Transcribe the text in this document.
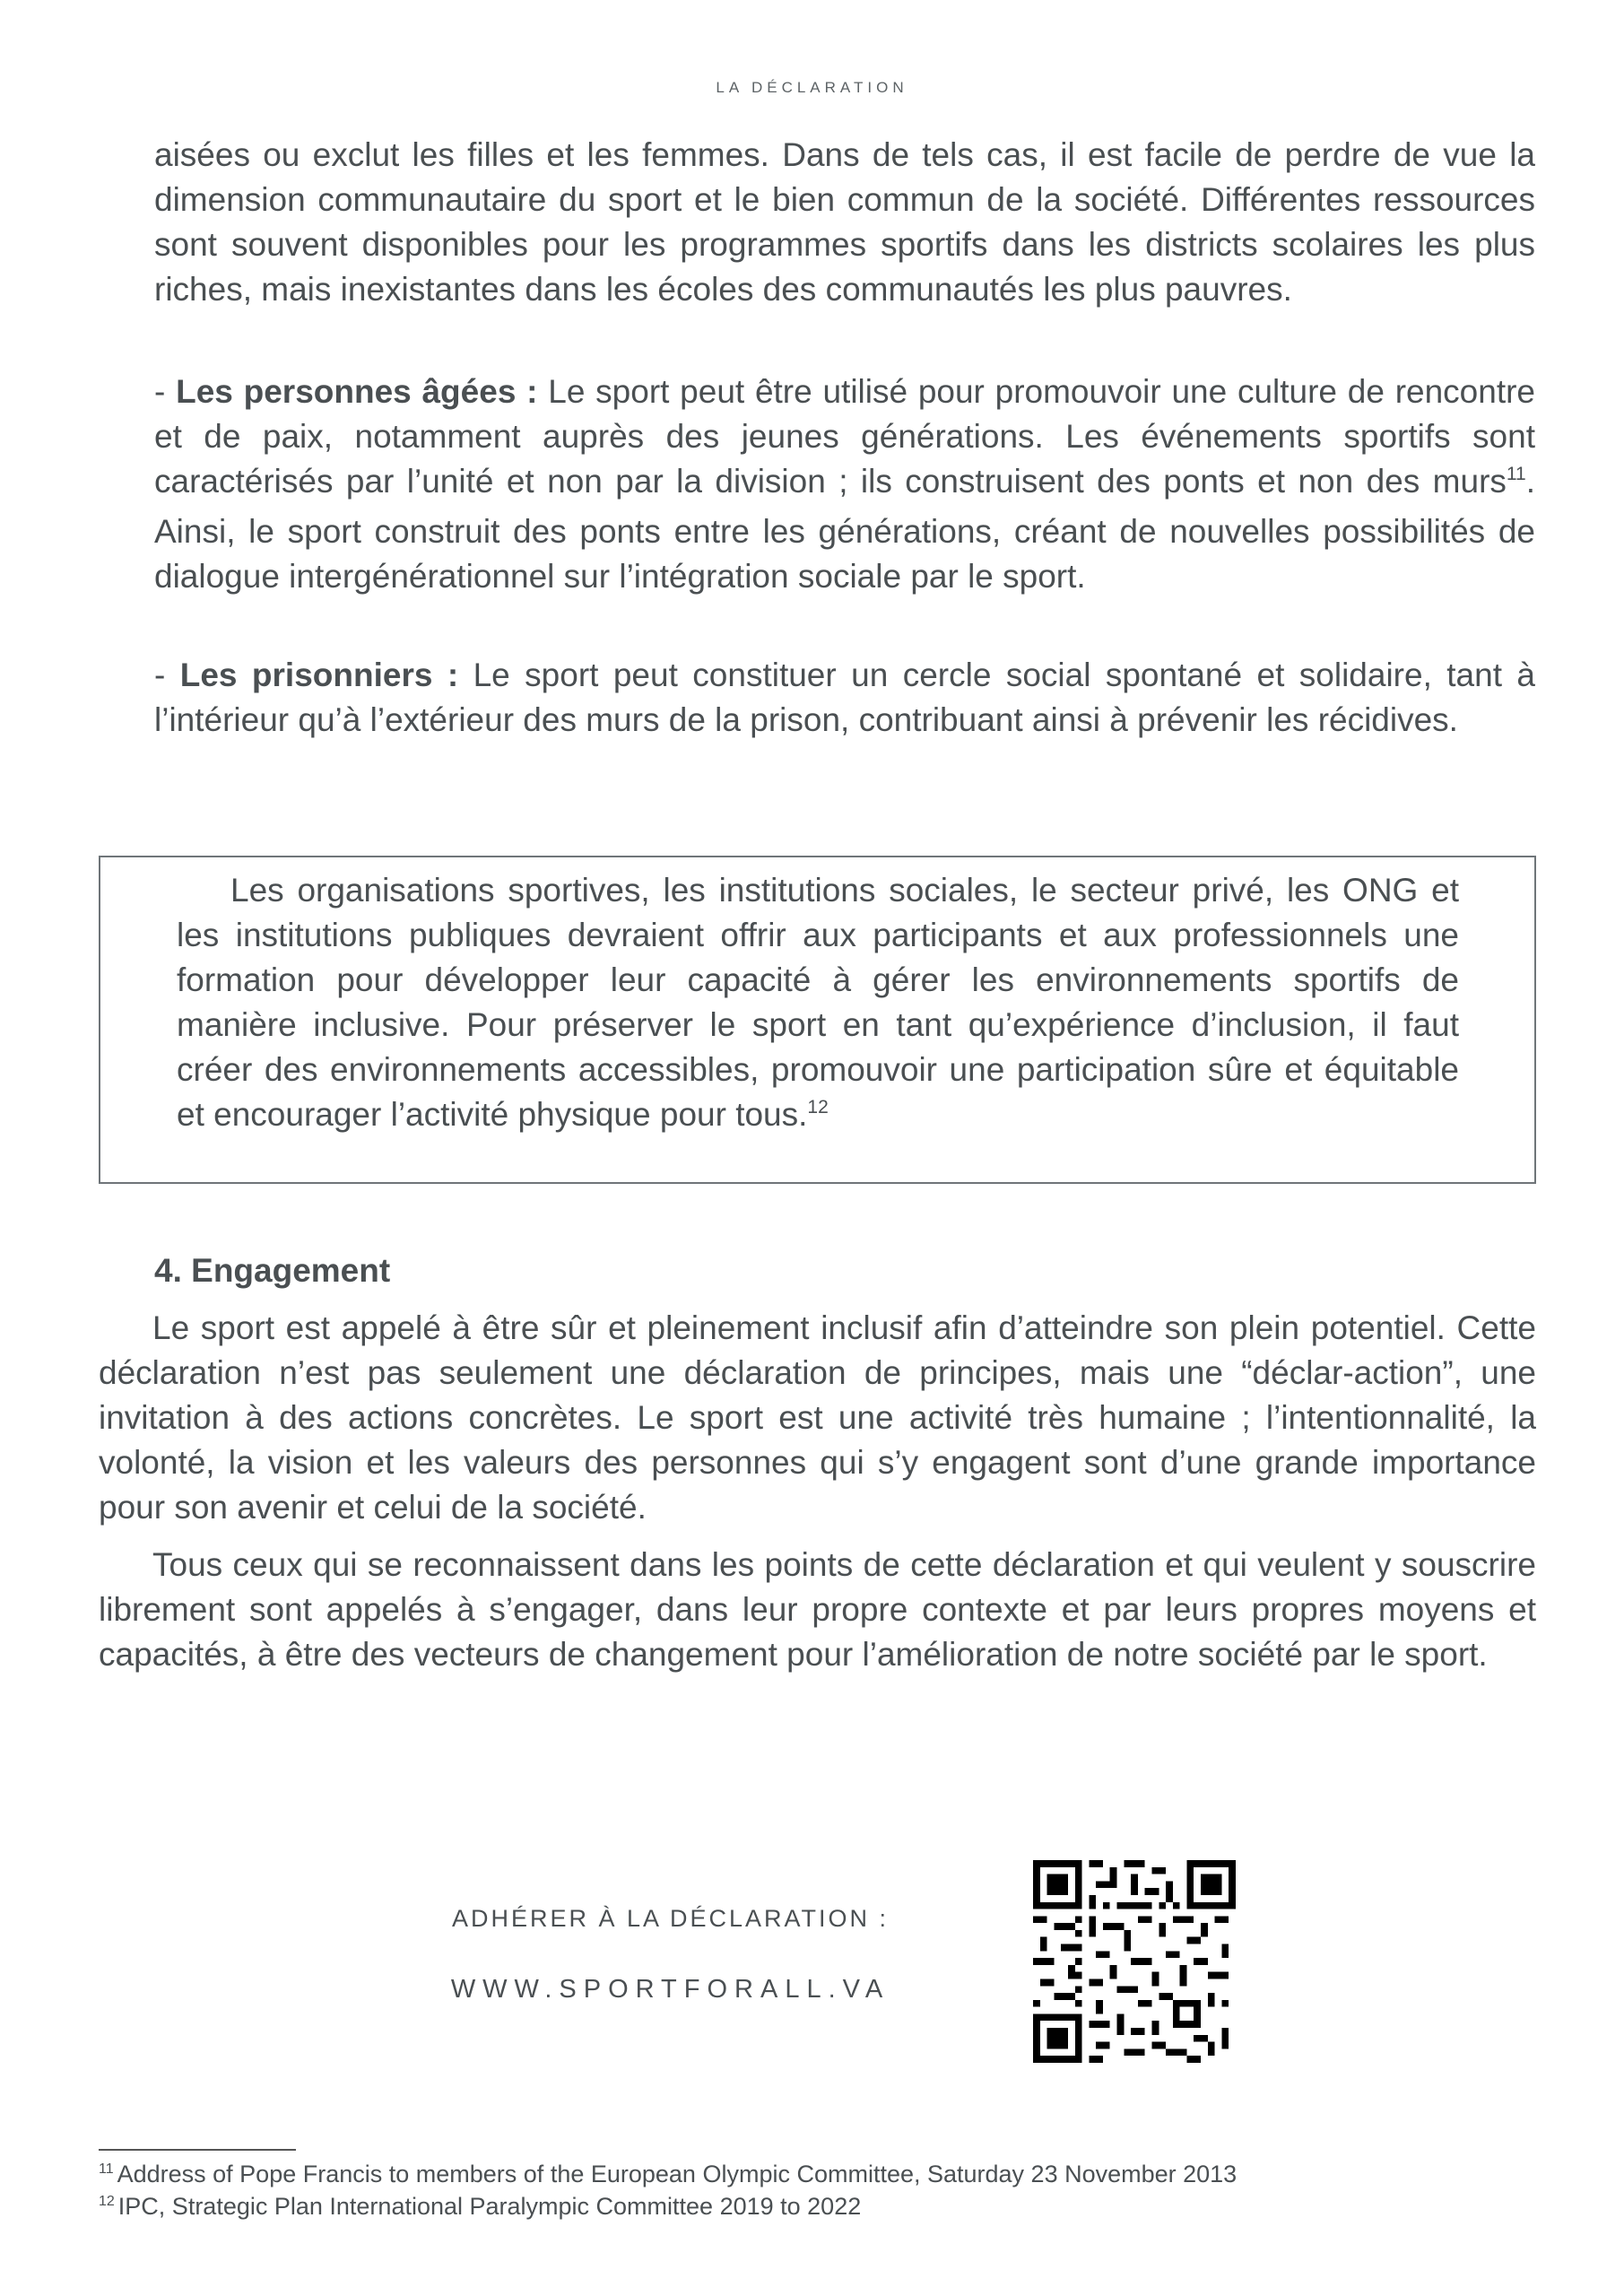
LA DÉCLARATION
aisées ou exclut les filles et les femmes. Dans de tels cas, il est facile de perdre de vue la dimension communautaire du sport et le bien commun de la société. Différentes ressources sont souvent disponibles pour les programmes sportifs dans les districts scolaires les plus riches, mais inexistantes dans les écoles des communautés les plus pauvres.
- Les personnes âgées : Le sport peut être utilisé pour promouvoir une culture de rencontre et de paix, notamment auprès des jeunes générations. Les événements sportifs sont caractérisés par l’unité et non par la division ; ils construisent des ponts et non des murs$^{11}$. Ainsi, le sport construit des ponts entre les générations, créant de nouvelles possibilités de dialogue intergénérationnel sur l’intégration sociale par le sport.
- Les prisonniers : Le sport peut constituer un cercle social spontané et solidaire, tant à l’intérieur qu’à l’extérieur des murs de la prison, contribuant ainsi à prévenir les récidives.
Les organisations sportives, les institutions sociales, le secteur privé, les ONG et les institutions publiques devraient offrir aux participants et aux professionnels une formation pour développer leur capacité à gérer les environnements sportifs de manière inclusive. Pour préserver le sport en tant qu’expérience d’inclusion, il faut créer des environnements accessibles, promouvoir une participation sûre et équitable et encourager l’activité physique pour tous.$^{12}$
4. Engagement
Le sport est appelé à être sûr et pleinement inclusif afin d’atteindre son plein potentiel. Cette déclaration n’est pas seulement une déclaration de principes, mais une “déclar-action”, une invitation à des actions concrètes. Le sport est une activité très humaine ; l’intentionnalité, la volonté, la vision et les valeurs des personnes qui s’y engagent sont d’une grande importance pour son avenir et celui de la société.
Tous ceux qui se reconnaissent dans les points de cette déclaration et qui veulent y souscrire librement sont appelés à s’engager, dans leur propre contexte et par leurs propres moyens et capacités, à être des vecteurs de changement pour l’amélioration de notre société par le sport.
ADHÉRER À LA DÉCLARATION :
WWW.SPORTFORALL.VA
$^{11}$ Address of Pope Francis to members of the European Olympic Committee, Saturday 23 November 2013
$^{12}$ IPC, Strategic Plan International Paralympic Committee 2019 to 2022
